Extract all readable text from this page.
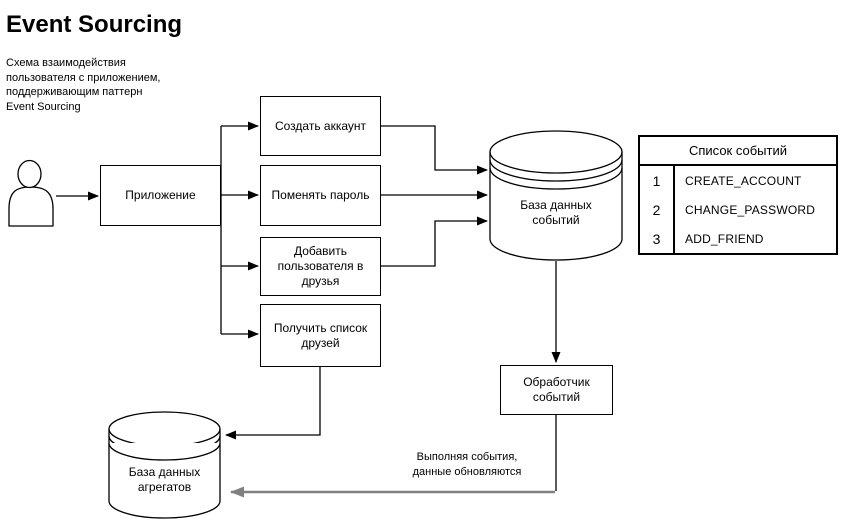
Event Sourcing
Схема взаимодействия
пользователя с приложением,
поддерживающим паттерн
Event Sourcing
Приложение
Создать аккаунт
Поменять пароль
Добавить
пользователя в
друзья
Получить список
друзей
Обработчик
событий
База данных
событий
База данных
агрегатов
Выполняя события,
данные обновляются
Список событий
1	CREATE_ACCOUNT
2	CHANGE_PASSWORD
3	ADD_FRIEND
